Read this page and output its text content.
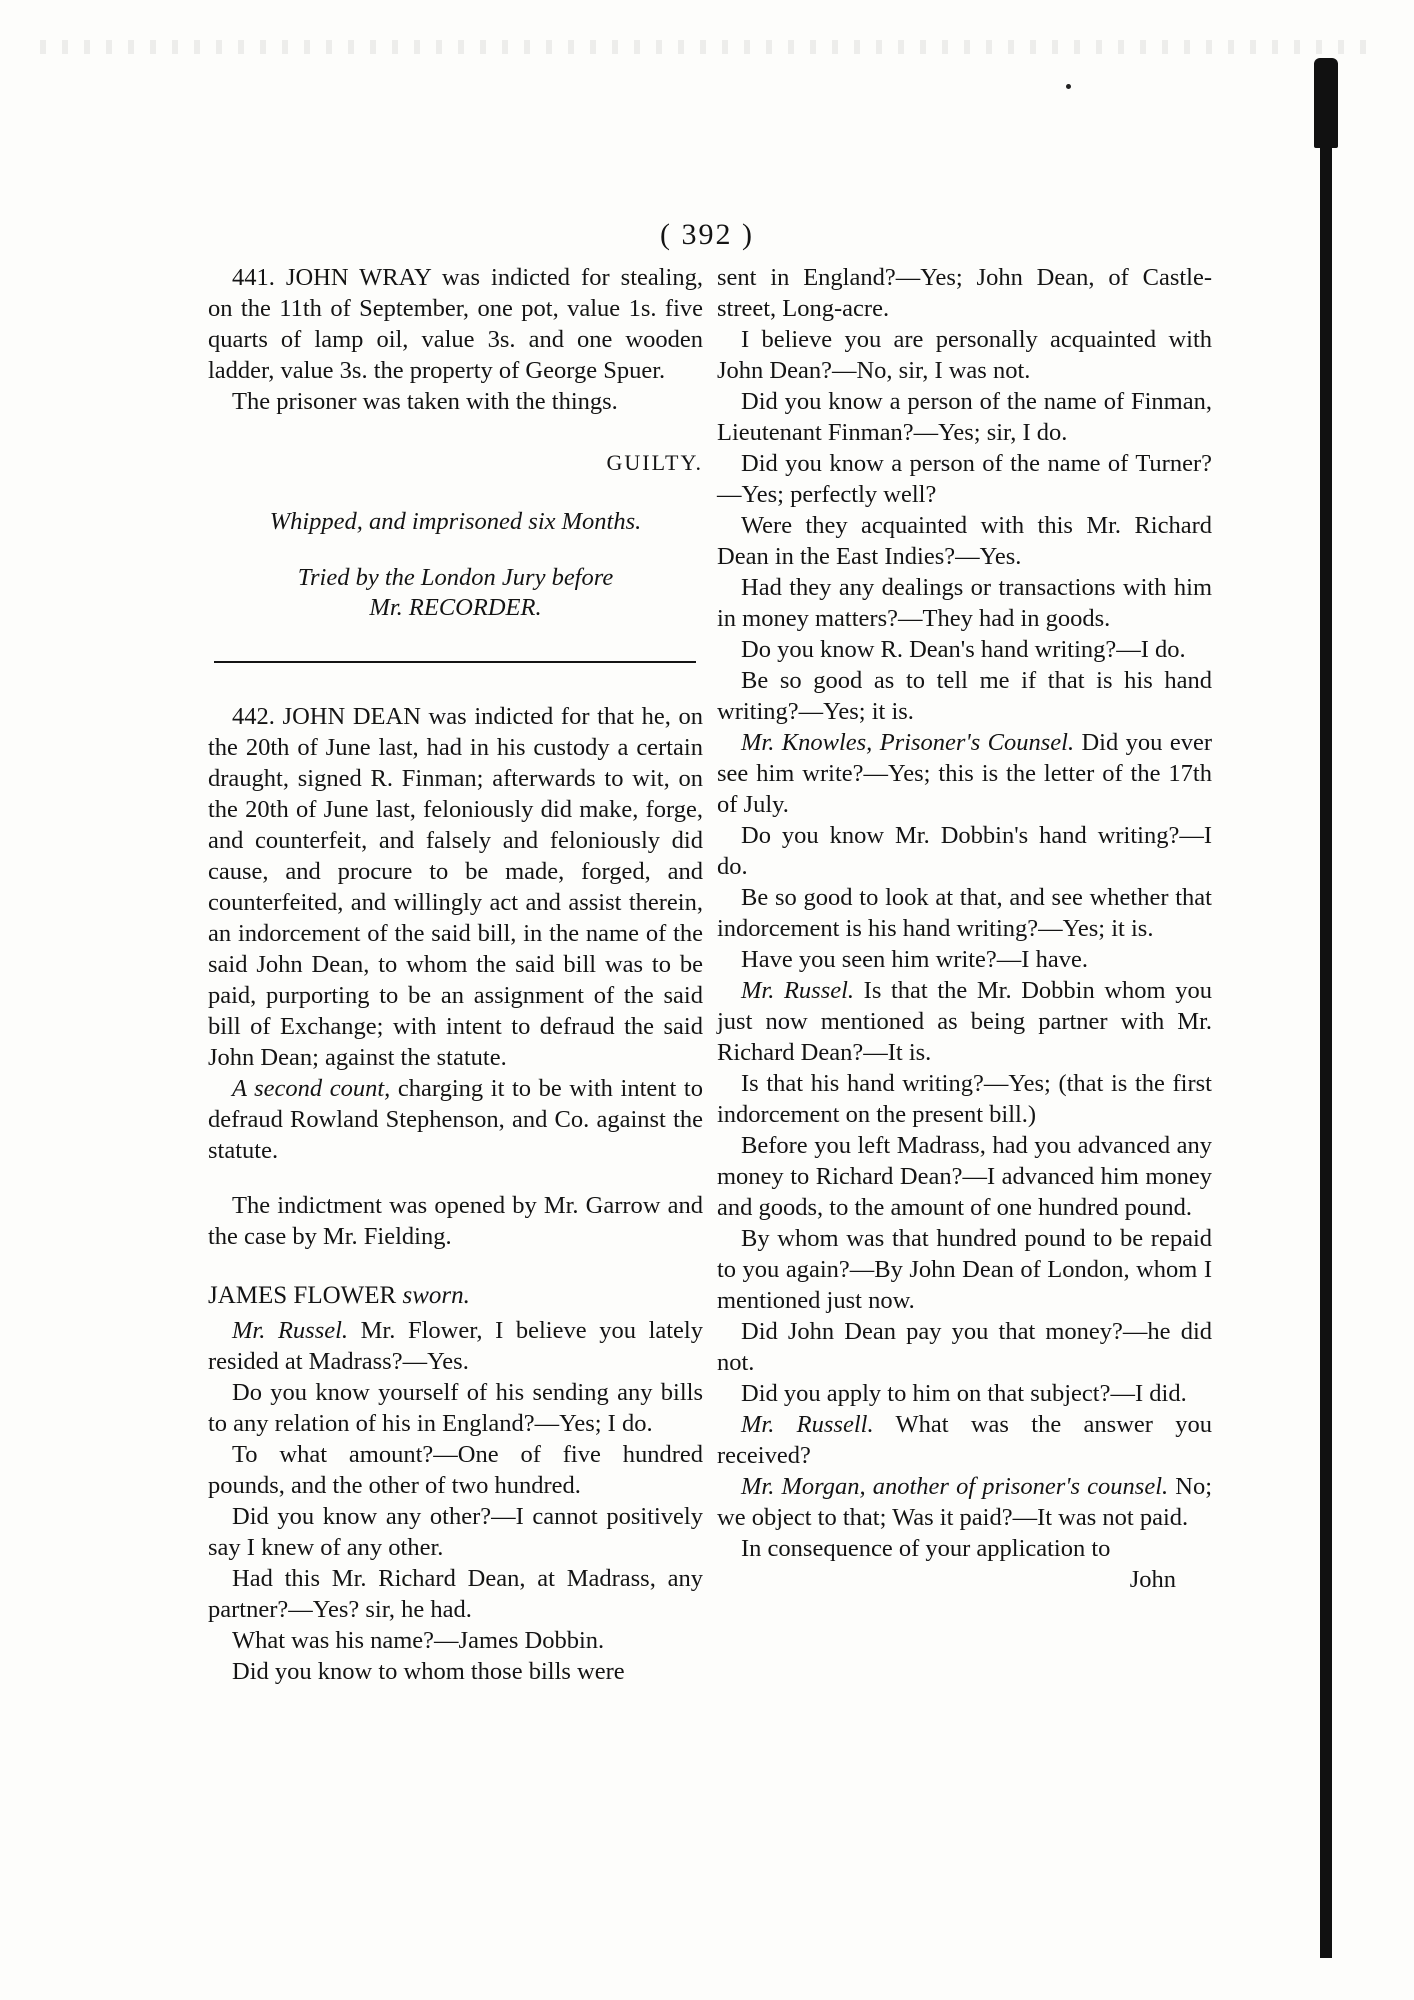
( 392 )

441. JOHN WRAY was indicted for stealing, on the 11th of September, one pot, value 1s. five quarts of lamp oil, value 3s. and one wooden ladder, value 3s. the property of George Spuer.

The prisoner was taken with the things.

GUILTY.
Whipped, and imprisoned six Months.
Tried by the London Jury before
Mr. RECORDER.

442. JOHN DEAN was indicted for that he, on the 20th of June last, had in his custody a certain draught, signed R. Finman; afterwards to wit, on the 20th of June last, feloniously did make, forge, and counterfeit, and falsely and feloniously did cause, and procure to be made, forged, and counterfeited, and willingly act and assist therein, an indorcement of the said bill, in the name of the said John Dean, to whom the said bill was to be paid, purporting to be an assignment of the said bill of Exchange; with intent to defraud the said John Dean; against the statute.

A second count, charging it to be with intent to defraud Rowland Stephenson, and Co. against the statute.

The indictment was opened by Mr. Garrow and the case by Mr. Fielding.

JAMES FLOWER sworn.

Mr. Russel. Mr. Flower, I believe you lately resided at Madrass?—Yes.

Do you know yourself of his sending any bills to any relation of his in England?—Yes; I do.

To what amount?—One of five hundred pounds, and the other of two hundred.

Did you know any other?—I cannot positively say I knew of any other.

Had this Mr. Richard Dean, at Madrass, any partner?—Yes? sir, he had.

What was his name?—James Dobbin.

Did you know to whom those bills were

sent in England?—Yes; John Dean, of Castle-street, Long-acre.

I believe you are personally acquainted with John Dean?—No, sir, I was not.

Did you know a person of the name of Finman, Lieutenant Finman?—Yes; sir, I do.

Did you know a person of the name of Turner?—Yes; perfectly well?

Were they acquainted with this Mr. Richard Dean in the East Indies?—Yes.

Had they any dealings or transactions with him in money matters?—They had in goods.

Do you know R. Dean's hand writing?—I do.

Be so good as to tell me if that is his hand writing?—Yes; it is.

Mr. Knowles, Prisoner's Counsel. Did you ever see him write?—Yes; this is the letter of the 17th of July.

Do you know Mr. Dobbin's hand writing?—I do.

Be so good to look at that, and see whether that indorcement is his hand writing?—Yes; it is.

Have you seen him write?—I have.

Mr. Russel. Is that the Mr. Dobbin whom you just now mentioned as being partner with Mr. Richard Dean?—It is.

Is that his hand writing?—Yes; (that is the first indorcement on the present bill.)

Before you left Madrass, had you advanced any money to Richard Dean?—I advanced him money and goods, to the amount of one hundred pound.

By whom was that hundred pound to be repaid to you again?—By John Dean of London, whom I mentioned just now.

Did John Dean pay you that money?—he did not.

Did you apply to him on that subject?—I did.

Mr. Russell. What was the answer you received?

Mr. Morgan, another of prisoner's counsel. No; we object to that; Was it paid?—It was not paid.

In consequence of your application to

John
